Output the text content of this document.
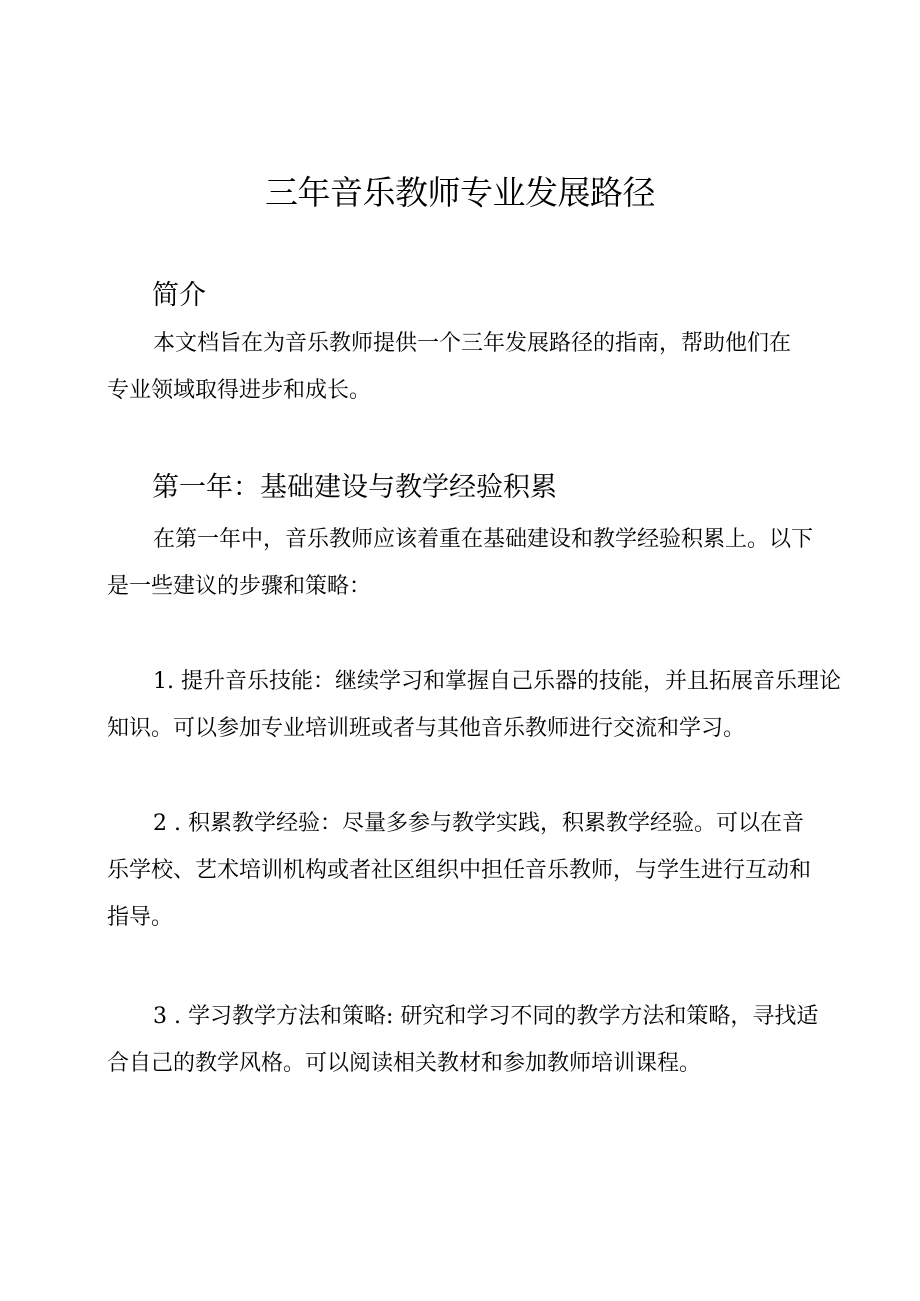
三年音乐教师专业发展路径
简介

本文档旨在为音乐教师提供一个三年发展路径的指南，帮助他们在专业领域取得进步和成长。

第一年：基础建设与教学经验积累

在第一年中，音乐教师应该着重在基础建设和教学经验积累上。以下是一些建议的步骤和策略：

1. 提升音乐技能：继续学习和掌握自己乐器的技能，并且拓展音乐理论知识。可以参加专业培训班或者与其他音乐教师进行交流和学习。

2 . 积累教学经验：尽量多参与教学实践，积累教学经验。可以在音乐学校、艺术培训机构或者社区组织中担任音乐教师，与学生进行互动和指导。

3 . 学习教学方法和策略: 研究和学习不同的教学方法和策略，寻找适合自己的教学风格。可以阅读相关教材和参加教师培训课程。
